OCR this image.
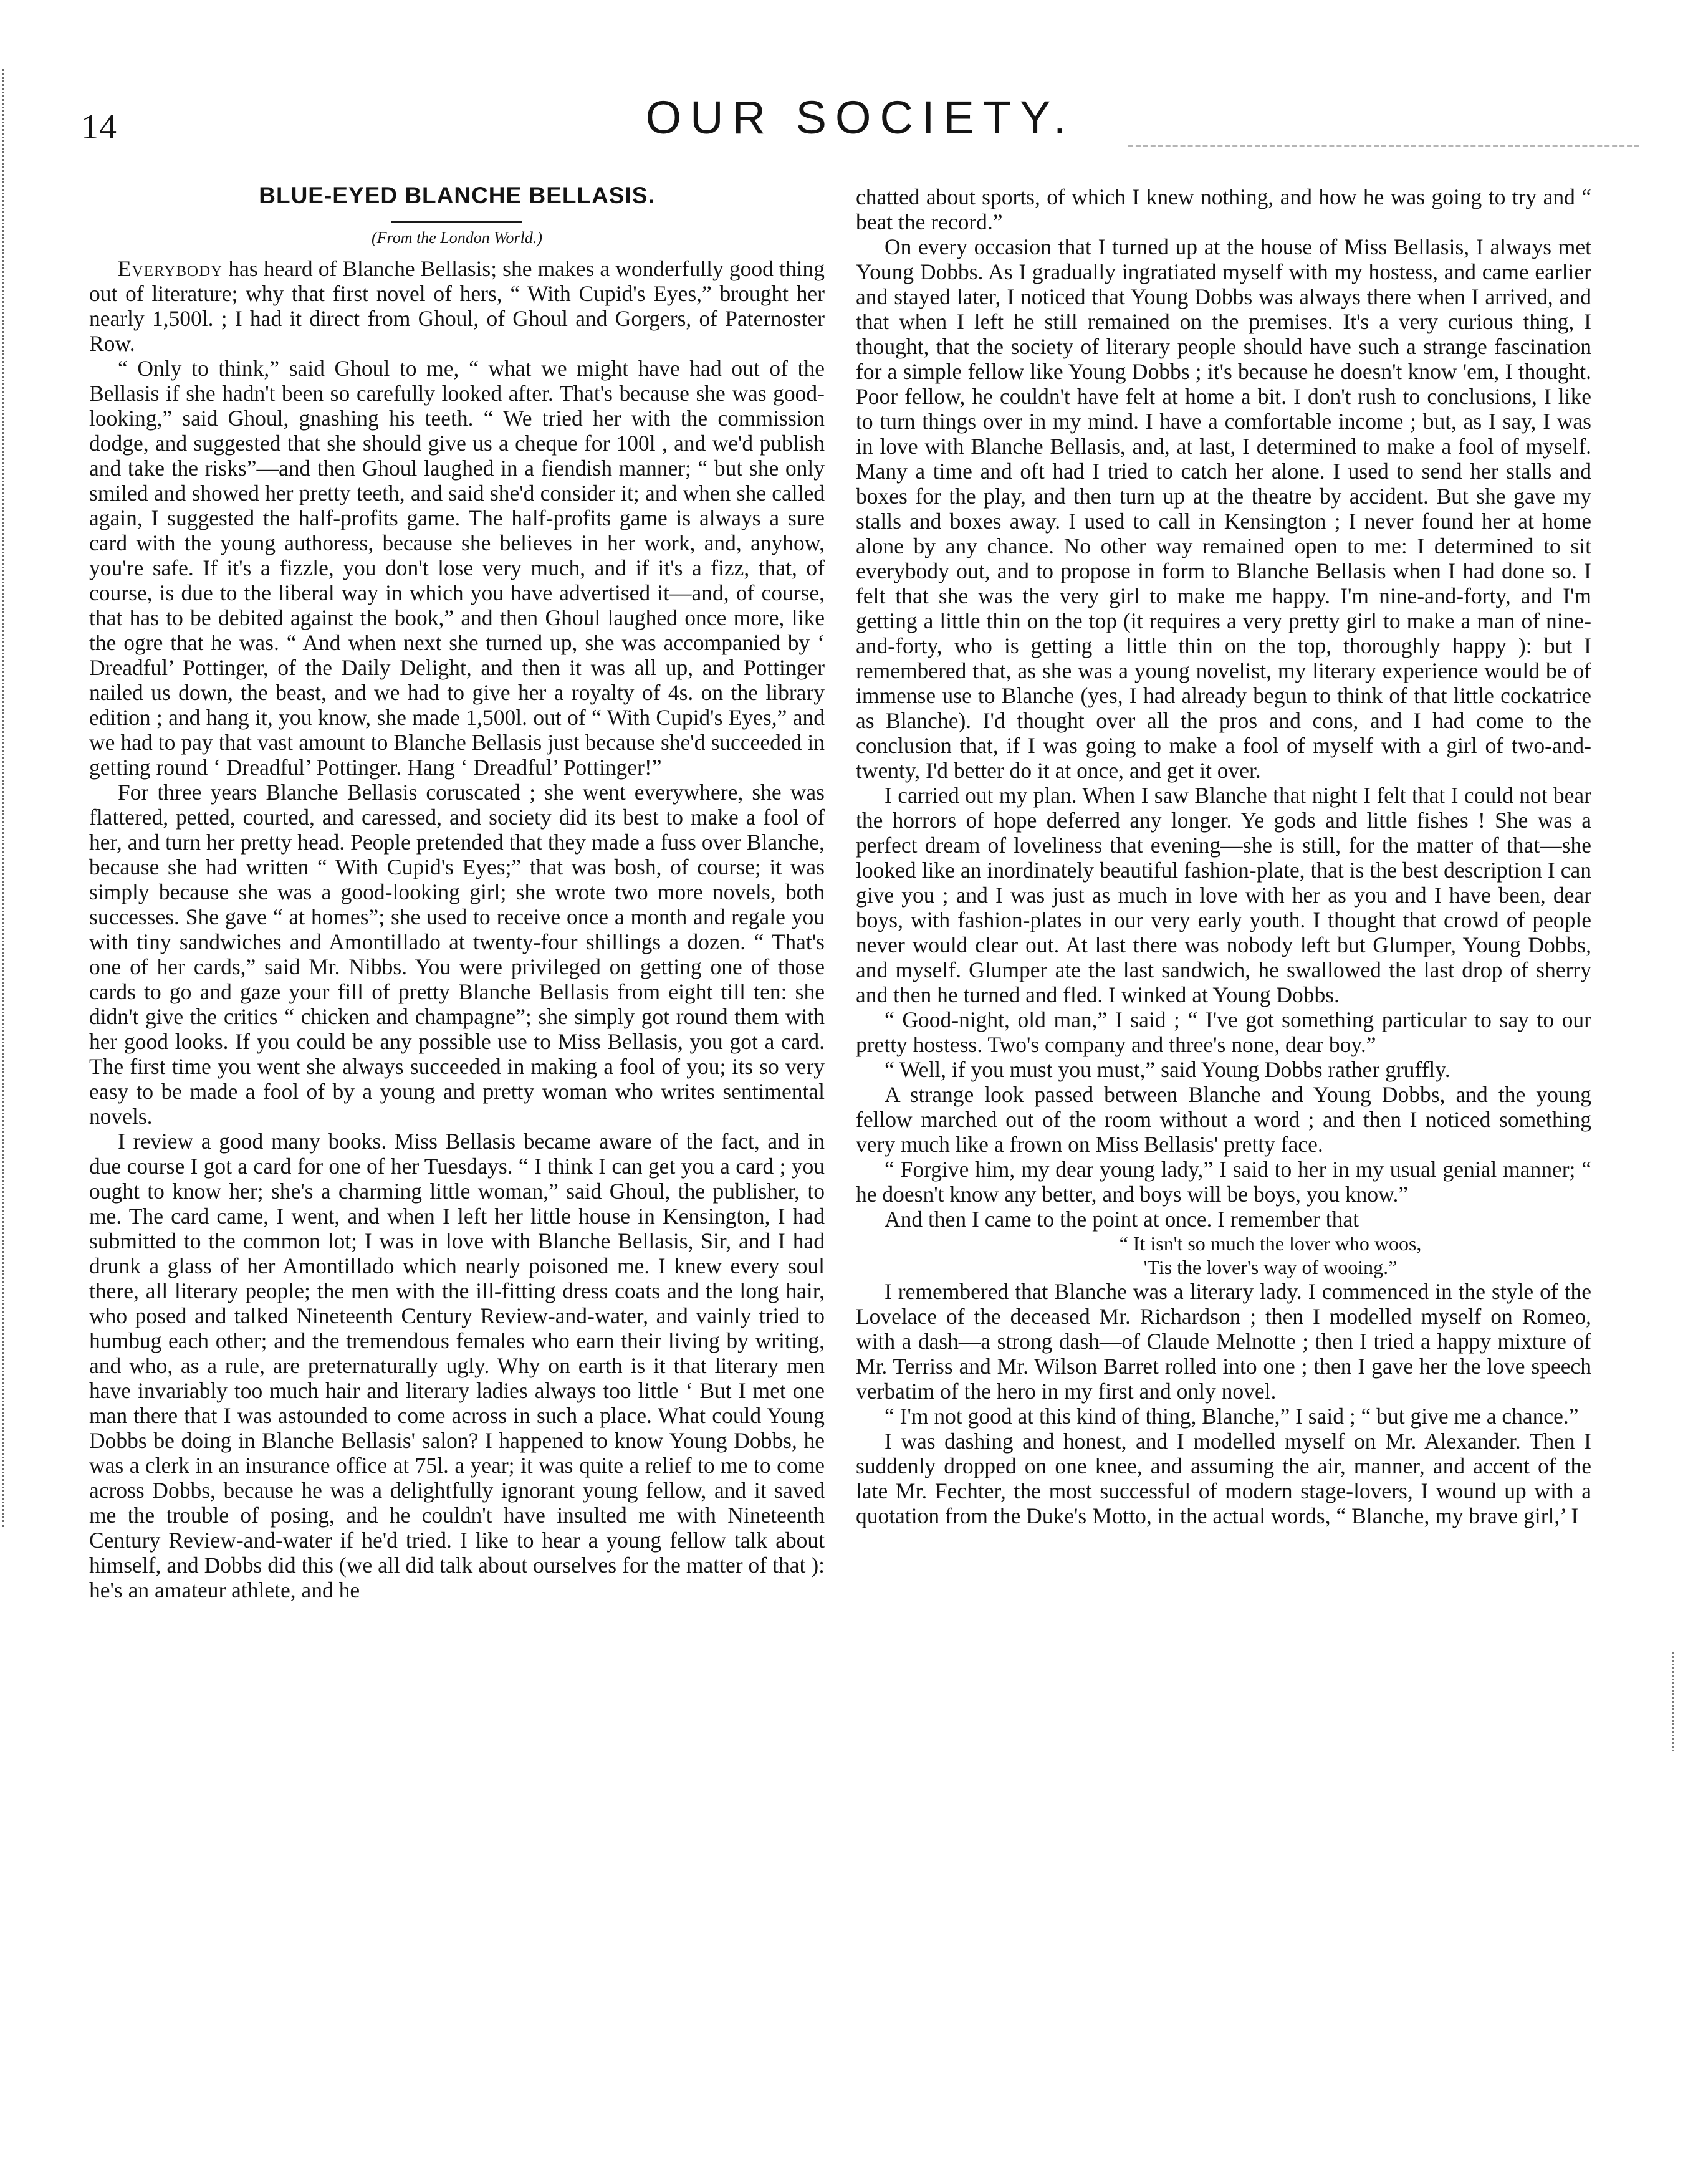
14	OUR SOCIETY.
BLUE-EYED BLANCHE BELLASIS.
(From the London World.)

Everybody has heard of Blanche Bellasis; she makes a wonderfully good thing out of literature; why that first novel of hers, “ With Cupid's Eyes,” brought her nearly 1,500l. ; I had it direct from Ghoul, of Ghoul and Gorgers, of Paternoster Row.

“ Only to think,” said Ghoul to me, “ what we might have had out of the Bellasis if she hadn't been so carefully looked after. That's because she was good-looking,” said Ghoul, gnashing his teeth. “ We tried her with the commission dodge, and suggested that she should give us a cheque for 100l , and we'd publish and take the risks”—and then Ghoul laughed in a fiendish manner; “ but she only smiled and showed her pretty teeth, and said she'd consider it; and when she called again, I suggested the half-profits game. The half-profits game is always a sure card with the young authoress, because she believes in her work, and, anyhow, you're safe. If it's a fizzle, you don't lose very much, and if it's a fizz, that, of course, is due to the liberal way in which you have advertised it—and, of course, that has to be debited against the book,” and then Ghoul laughed once more, like the ogre that he was. “ And when next she turned up, she was accompanied by ‘ Dreadful’ Pottinger, of the Daily Delight, and then it was all up, and Pottinger nailed us down, the beast, and we had to give her a royalty of 4s. on the library edition ; and hang it, you know, she made 1,500l. out of “ With Cupid's Eyes,” and we had to pay that vast amount to Blanche Bellasis just because she'd succeeded in getting round ‘ Dreadful’ Pottinger. Hang ‘ Dreadful’ Pottinger!”

For three years Blanche Bellasis coruscated ; she went everywhere, she was flattered, petted, courted, and caressed, and society did its best to make a fool of her, and turn her pretty head. People pretended that they made a fuss over Blanche, because she had written “ With Cupid's Eyes;” that was bosh, of course; it was simply because she was a good-looking girl; she wrote two more novels, both successes. She gave “ at homes”; she used to receive once a month and regale you with tiny sandwiches and Amontillado at twenty-four shillings a dozen. “ That's one of her cards,” said Mr. Nibbs. You were privileged on getting one of those cards to go and gaze your fill of pretty Blanche Bellasis from eight till ten: she didn't give the critics “ chicken and champagne”; she simply got round them with her good looks. If you could be any possible use to Miss Bellasis, you got a card. The first time you went she always succeeded in making a fool of you; its so very easy to be made a fool of by a young and pretty woman who writes sentimental novels.

I review a good many books. Miss Bellasis became aware of the fact, and in due course I got a card for one of her Tuesdays. “ I think I can get you a card ; you ought to know her; she's a charming little woman,” said Ghoul, the publisher, to me. The card came, I went, and when I left her little house in Kensington, I had submitted to the common lot; I was in love with Blanche Bellasis, Sir, and I had drunk a glass of her Amontillado which nearly poisoned me. I knew every soul there, all literary people; the men with the ill-fitting dress coats and the long hair, who posed and talked Nineteenth Century Review-and-water, and vainly tried to humbug each other; and the tremendous females who earn their living by writing, and who, as a rule, are preternaturally ugly. Why on earth is it that literary men have invariably too much hair and literary ladies always too little ‘ But I met one man there that I was astounded to come across in such a place. What could Young Dobbs be doing in Blanche Bellasis' salon? I happened to know Young Dobbs, he was a clerk in an insurance office at 75l. a year; it was quite a relief to me to come across Dobbs, because he was a delightfully ignorant young fellow, and it saved me the trouble of posing, and he couldn't have insulted me with Nineteenth Century Review-and-water if he'd tried. I like to hear a young fellow talk about himself, and Dobbs did this (we all did talk about ourselves for the matter of that ): he's an amateur athlete, and he

chatted about sports, of which I knew nothing, and how he was going to try and “ beat the record.”

On every occasion that I turned up at the house of Miss Bellasis, I always met Young Dobbs. As I gradually ingratiated myself with my hostess, and came earlier and stayed later, I noticed that Young Dobbs was always there when I arrived, and that when I left he still remained on the premises. It's a very curious thing, I thought, that the society of literary people should have such a strange fascination for a simple fellow like Young Dobbs ; it's because he doesn't know 'em, I thought. Poor fellow, he couldn't have felt at home a bit. I don't rush to conclusions, I like to turn things over in my mind. I have a comfortable income ; but, as I say, I was in love with Blanche Bellasis, and, at last, I determined to make a fool of myself. Many a time and oft had I tried to catch her alone. I used to send her stalls and boxes for the play, and then turn up at the theatre by accident. But she gave my stalls and boxes away. I used to call in Kensington ; I never found her at home alone by any chance. No other way remained open to me: I determined to sit everybody out, and to propose in form to Blanche Bellasis when I had done so. I felt that she was the very girl to make me happy. I'm nine-and-forty, and I'm getting a little thin on the top (it requires a very pretty girl to make a man of nine-and-forty, who is getting a little thin on the top, thoroughly happy ): but I remembered that, as she was a young novelist, my literary experience would be of immense use to Blanche (yes, I had already begun to think of that little cockatrice as Blanche). I'd thought over all the pros and cons, and I had come to the conclusion that, if I was going to make a fool of myself with a girl of two-and-twenty, I'd better do it at once, and get it over.

I carried out my plan. When I saw Blanche that night I felt that I could not bear the horrors of hope deferred any longer. Ye gods and little fishes ! She was a perfect dream of loveliness that evening—she is still, for the matter of that—she looked like an inordinately beautiful fashion-plate, that is the best description I can give you ; and I was just as much in love with her as you and I have been, dear boys, with fashion-plates in our very early youth. I thought that crowd of people never would clear out. At last there was nobody left but Glumper, Young Dobbs, and myself. Glumper ate the last sandwich, he swallowed the last drop of sherry and then he turned and fled. I winked at Young Dobbs.

“ Good-night, old man,” I said ; “ I've got something particular to say to our pretty hostess. Two's company and three's none, dear boy.”

“ Well, if you must you must,” said Young Dobbs rather gruffly.

A strange look passed between Blanche and Young Dobbs, and the young fellow marched out of the room without a word ; and then I noticed something very much like a frown on Miss Bellasis' pretty face.

“ Forgive him, my dear young lady,” I said to her in my usual genial manner; “ he doesn't know any better, and boys will be boys, you know.”

And then I came to the point at once. I remember that

“ It isn't so much the lover who woos,

'Tis the lover's way of wooing.”

I remembered that Blanche was a literary lady. I commenced in the style of the Lovelace of the deceased Mr. Richardson ; then I modelled myself on Romeo, with a dash—a strong dash—of Claude Melnotte ; then I tried a happy mixture of Mr. Terriss and Mr. Wilson Barret rolled into one ; then I gave her the love speech verbatim of the hero in my first and only novel.

“ I'm not good at this kind of thing, Blanche,” I said ; “ but give me a chance.”

I was dashing and honest, and I modelled myself on Mr. Alexander. Then I suddenly dropped on one knee, and assuming the air, manner, and accent of the late Mr. Fechter, the most successful of modern stage-lovers, I wound up with a quotation from the Duke's Motto, in the actual words, “ Blanche, my brave girl,’ I
